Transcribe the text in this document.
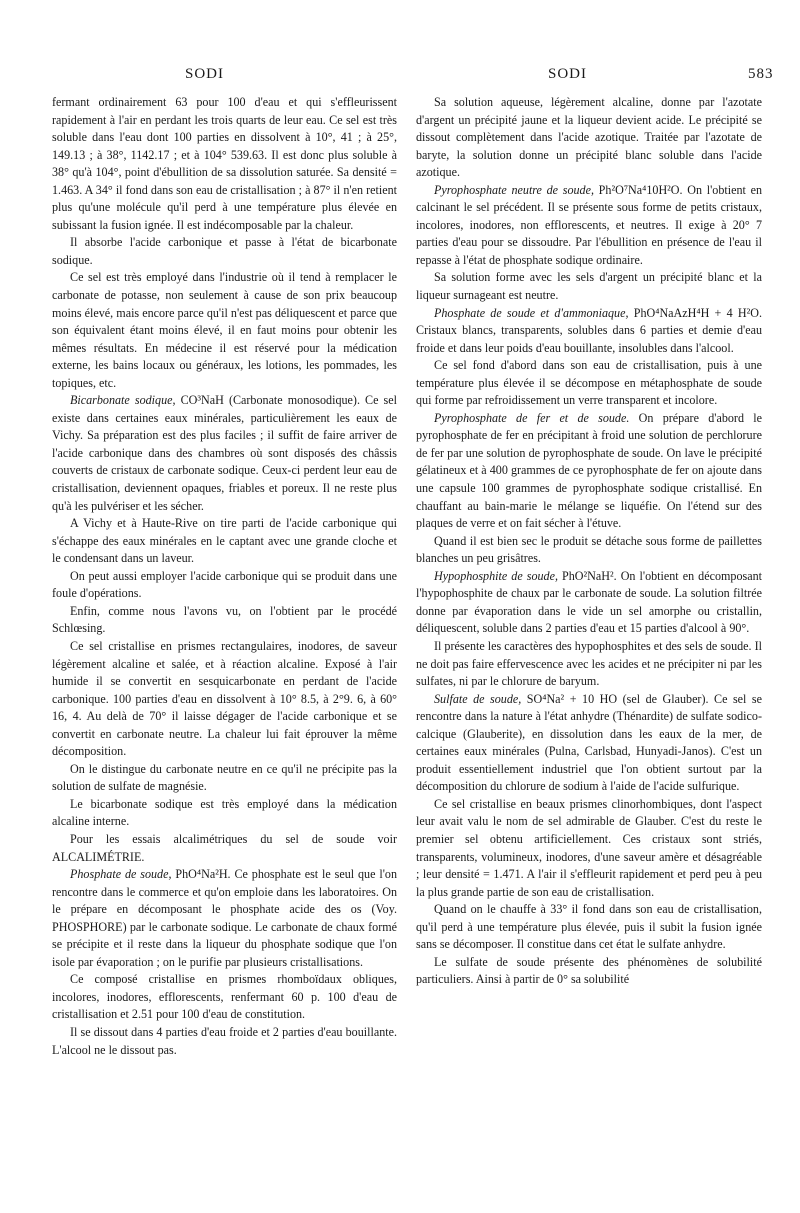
SODI	SODI	583

fermant ordinairement 63 pour 100 d'eau et qui s'effleurissent rapidement à l'air en perdant les trois quarts de leur eau. Ce sel est très soluble dans l'eau dont 100 parties en dissolvent à 10°, 41 ; à 25°, 149.13 ; à 38°, 1142.17 ; et à 104° 539.63. Il est donc plus soluble à 38° qu'à 104°, point d'ébullition de sa dissolution saturée. Sa densité = 1.463. A 34° il fond dans son eau de cristallisation ; à 87° il n'en retient plus qu'une molécule qu'il perd à une température plus élevée en subissant la fusion ignée. Il est indécomposable par la chaleur.

Il absorbe l'acide carbonique et passe à l'état de bicarbonate sodique.

Ce sel est très employé dans l'industrie où il tend à remplacer le carbonate de potasse, non seulement à cause de son prix beaucoup moins élevé, mais encore parce qu'il n'est pas déliquescent et parce que son équivalent étant moins élevé, il en faut moins pour obtenir les mêmes résultats. En médecine il est réservé pour la médication externe, les bains locaux ou généraux, les lotions, les pommades, les topiques, etc.

Bicarbonate sodique, CO³NaH (Carbonate monosodique). Ce sel existe dans certaines eaux minérales, particulièrement les eaux de Vichy. Sa préparation est des plus faciles ; il suffit de faire arriver de l'acide carbonique dans des chambres où sont disposés des châssis couverts de cristaux de carbonate sodique. Ceux-ci perdent leur eau de cristallisation, deviennent opaques, friables et poreux. Il ne reste plus qu'à les pulvériser et les sécher.

A Vichy et à Haute-Rive on tire parti de l'acide carbonique qui s'échappe des eaux minérales en le captant avec une grande cloche et le condensant dans un laveur.

On peut aussi employer l'acide carbonique qui se produit dans une foule d'opérations.

Enfin, comme nous l'avons vu, on l'obtient par le procédé Schlœsing.

Ce sel cristallise en prismes rectangulaires, inodores, de saveur légèrement alcaline et salée, et à réaction alcaline. Exposé à l'air humide il se convertit en sesquicarbonate en perdant de l'acide carbonique. 100 parties d'eau en dissolvent à 10° 8.5, à 2°9. 6, à 60° 16, 4. Au delà de 70° il laisse dégager de l'acide carbonique et se convertit en carbonate neutre. La chaleur lui fait éprouver la même décomposition.

On le distingue du carbonate neutre en ce qu'il ne précipite pas la solution de sulfate de magnésie.

Le bicarbonate sodique est très employé dans la médication alcaline interne.

Pour les essais alcalimétriques du sel de soude voir ALCALIMÉTRIE.

Phosphate de soude, PhO⁴Na²H. Ce phosphate est le seul que l'on rencontre dans le commerce et qu'on emploie dans les laboratoires. On le prépare en décomposant le phosphate acide des os (Voy. PHOSPHORE) par le carbonate sodique. Le carbonate de chaux formé se précipite et il reste dans la liqueur du phosphate sodique que l'on isole par évaporation ; on le purifie par plusieurs cristallisations.

Ce composé cristallise en prismes rhomboïdaux obliques, incolores, inodores, efflorescents, renfermant 60 p. 100 d'eau de cristallisation et 2.51 pour 100 d'eau de constitution.

Il se dissout dans 4 parties d'eau froide et 2 parties d'eau bouillante. L'alcool ne le dissout pas.

Sa solution aqueuse, légèrement alcaline, donne par l'azotate d'argent un précipité jaune et la liqueur devient acide. Le précipité se dissout complètement dans l'acide azotique. Traitée par l'azotate de baryte, la solution donne un précipité blanc soluble dans l'acide azotique.

Pyrophosphate neutre de soude, Ph²O⁷Na⁴10H²O. On l'obtient en calcinant le sel précédent. Il se présente sous forme de petits cristaux, incolores, inodores, non efflorescents, et neutres. Il exige à 20° 7 parties d'eau pour se dissoudre. Par l'ébullition en présence de l'eau il repasse à l'état de phosphate sodique ordinaire.

Sa solution forme avec les sels d'argent un précipité blanc et la liqueur surnageant est neutre.

Phosphate de soude et d'ammoniaque, PhO⁴NaAzH⁴H + 4 H²O. Cristaux blancs, transparents, solubles dans 6 parties et demie d'eau froide et dans leur poids d'eau bouillante, insolubles dans l'alcool.

Ce sel fond d'abord dans son eau de cristallisation, puis à une température plus élevée il se décompose en métaphosphate de soude qui forme par refroidissement un verre transparent et incolore.

Pyrophosphate de fer et de soude. On prépare d'abord le pyrophosphate de fer en précipitant à froid une solution de perchlorure de fer par une solution de pyrophosphate de soude. On lave le précipité gélatineux et à 400 grammes de ce pyrophosphate de fer on ajoute dans une capsule 100 grammes de pyrophosphate sodique cristallisé. En chauffant au bain-marie le mélange se liquéfie. On l'étend sur des plaques de verre et on fait sécher à l'étuve.

Quand il est bien sec le produit se détache sous forme de paillettes blanches un peu grisâtres.

Hypophosphite de soude, PhO²NaH². On l'obtient en décomposant l'hypophosphite de chaux par le carbonate de soude. La solution filtrée donne par évaporation dans le vide un sel amorphe ou cristallin, déliquescent, soluble dans 2 parties d'eau et 15 parties d'alcool à 90°.

Il présente les caractères des hypophosphites et des sels de soude. Il ne doit pas faire effervescence avec les acides et ne précipiter ni par les sulfates, ni par le chlorure de baryum.

Sulfate de soude, SO⁴Na² + 10 HO (sel de Glauber). Ce sel se rencontre dans la nature à l'état anhydre (Thénardite) de sulfate sodico-calcique (Glauberite), en dissolution dans les eaux de la mer, de certaines eaux minérales (Pulna, Carlsbad, Hunyadi-Janos). C'est un produit essentiellement industriel que l'on obtient surtout par la décomposition du chlorure de sodium à l'aide de l'acide sulfurique.

Ce sel cristallise en beaux prismes clinorhombiques, dont l'aspect leur avait valu le nom de sel admirable de Glauber. C'est du reste le premier sel obtenu artificiellement. Ces cristaux sont striés, transparents, volumineux, inodores, d'une saveur amère et désagréable ; leur densité = 1.471. A l'air il s'effleurit rapidement et perd peu à peu la plus grande partie de son eau de cristallisation.

Quand on le chauffe à 33° il fond dans son eau de cristallisation, qu'il perd à une température plus élevée, puis il subit la fusion ignée sans se décomposer. Il constitue dans cet état le sulfate anhydre.

Le sulfate de soude présente des phénomènes de solubilité particuliers. Ainsi à partir de 0° sa solubilité
